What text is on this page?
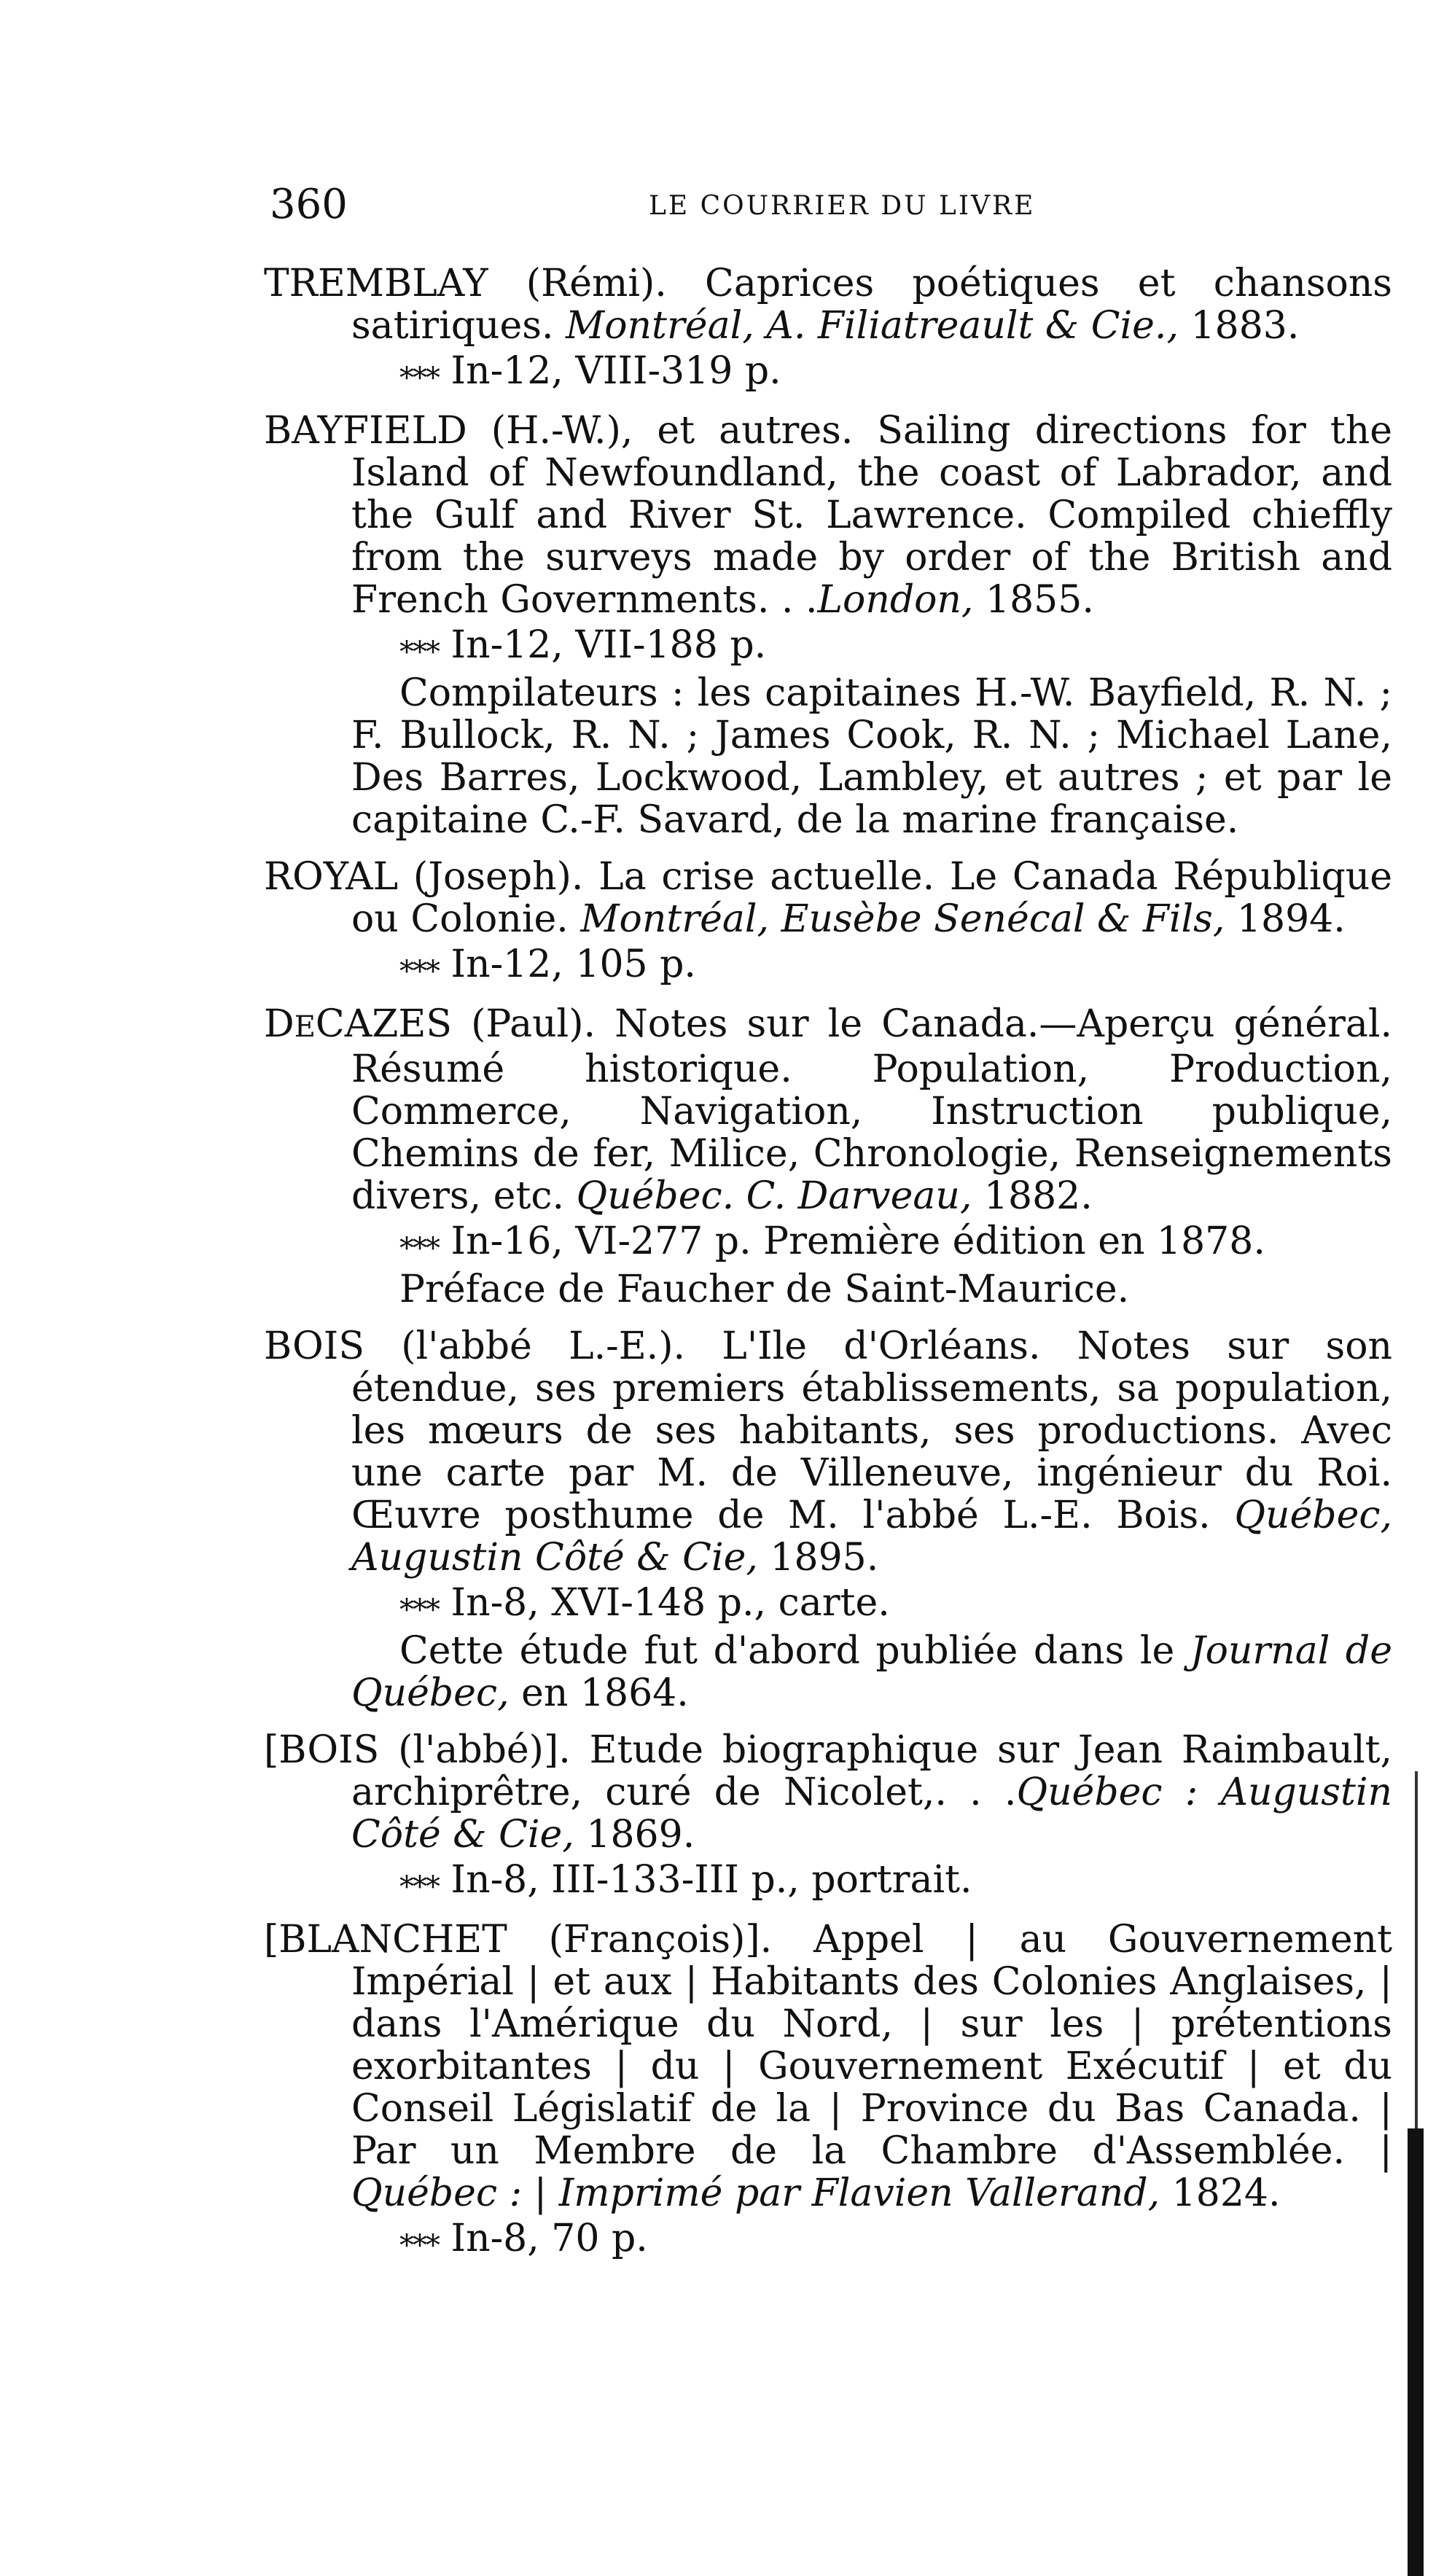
360	LE COURRIER DU LIVRE
TREMBLAY (Rémi). Caprices poétiques et chansons satiriques. Montréal, A. Filiatreault & Cie., 1883.
*** In-12, VIII-319 p.
BAYFIELD (H.-W.), et autres. Sailing directions for the Island of Newfoundland, the coast of Labrador, and the Gulf and River St. Lawrence. Compiled chieffly from the surveys made by order of the British and French Governments. . .London, 1855.
*** In-12, VII-188 p.
Compilateurs : les capitaines H.-W. Bayfield, R. N. ; F. Bullock, R. N. ; James Cook, R. N. ; Michael Lane, Des Barres, Lockwood, Lambley, et autres ; et par le capitaine C.-F. Savard, de la marine française.
ROYAL (Joseph). La crise actuelle. Le Canada République ou Colonie. Montréal, Eusèbe Senécal & Fils, 1894.
*** In-12, 105 p.
DECAZES (Paul). Notes sur le Canada.—Aperçu général. Résumé historique. Population, Production, Commerce, Navigation, Instruction publique, Chemins de fer, Milice, Chronologie, Renseignements divers, etc. Québec. C. Darveau, 1882.
*** In-16, VI-277 p. Première édition en 1878.
Préface de Faucher de Saint-Maurice.
BOIS (l'abbé L.-E.). L'Ile d'Orléans. Notes sur son étendue, ses premiers établissements, sa population, les mœurs de ses habitants, ses productions. Avec une carte par M. de Villeneuve, ingénieur du Roi. Œuvre posthume de M. l'abbé L.-E. Bois. Québec, Augustin Côté & Cie, 1895.
*** In-8, XVI-148 p., carte.
Cette étude fut d'abord publiée dans le Journal de Québec, en 1864.
[BOIS (l'abbé)]. Etude biographique sur Jean Raimbault, archiprêtre, curé de Nicolet,. . .Québec : Augustin Côté & Cie, 1869.
*** In-8, III-133-III p., portrait.
[BLANCHET (François)]. Appel | au Gouvernement Impérial | et aux | Habitants des Colonies Anglaises, | dans l'Amérique du Nord, | sur les | prétentions exorbitantes | du | Gouvernement Exécutif | et du Conseil Législatif de la | Province du Bas Canada. | Par un Membre de la Chambre d'Assemblée. | Québec : | Imprimé par Flavien Vallerand, 1824.
*** In-8, 70 p.
